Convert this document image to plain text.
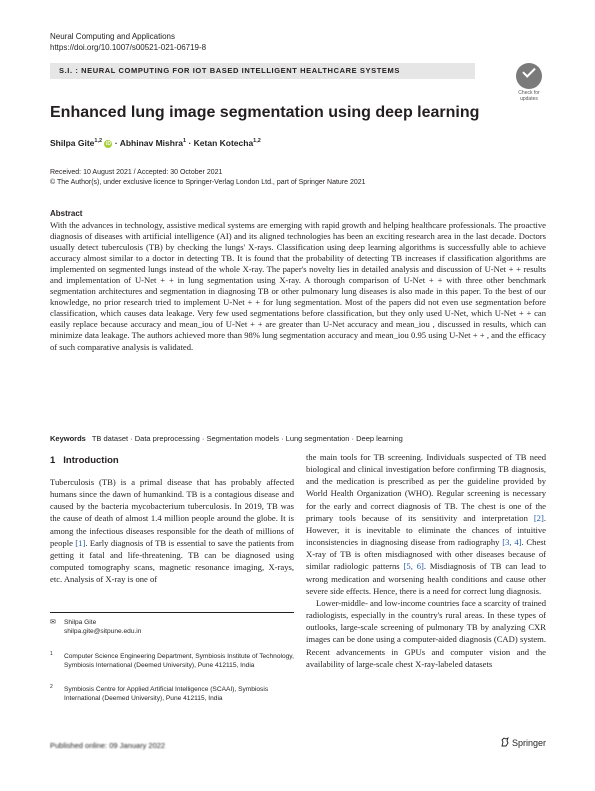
Neural Computing and Applications
https://doi.org/10.1007/s00521-021-06719-8
S.I. : NEURAL COMPUTING FOR IOT BASED INTELLIGENT HEALTHCARE SYSTEMS
Check for
updates
Enhanced lung image segmentation using deep learning
Shilpa Gite$^{1,2}$ iD · Abhinav Mishra$^1$ · Ketan Kotecha$^{1,2}$
Received: 10 August 2021 / Accepted: 30 October 2021
© The Author(s), under exclusive licence to Springer-Verlag London Ltd., part of Springer Nature 2021
Abstract
With the advances in technology, assistive medical systems are emerging with rapid growth and helping healthcare professionals. The proactive diagnosis of diseases with artificial intelligence (AI) and its aligned technologies has been an exciting research area in the last decade. Doctors usually detect tuberculosis (TB) by checking the lungs' X-rays. Classification using deep learning algorithms is successfully able to achieve accuracy almost similar to a doctor in detecting TB. It is found that the probability of detecting TB increases if classification algorithms are implemented on segmented lungs instead of the whole X-ray. The paper's novelty lies in detailed analysis and discussion of U-Net + + results and implementation of U-Net + + in lung segmentation using X-ray. A thorough comparison of U-Net + + with three other benchmark segmentation architectures and segmentation in diagnosing TB or other pulmonary lung diseases is also made in this paper. To the best of our knowledge, no prior research tried to implement U-Net + + for lung segmentation. Most of the papers did not even use segmentation before classification, which causes data leakage. Very few used segmentations before classification, but they only used U-Net, which U-Net + + can easily replace because accuracy and mean_iou of U-Net + + are greater than U-Net accuracy and mean_iou , discussed in results, which can minimize data leakage. The authors achieved more than 98% lung segmentation accuracy and mean_iou 0.95 using U-Net + + , and the efficacy of such comparative analysis is validated.
Keywords TB dataset · Data preprocessing · Segmentation models · Lung segmentation · Deep learning
1 Introduction

Tuberculosis (TB) is a primal disease that has probably affected humans since the dawn of humankind. TB is a contagious disease and caused by the bacteria mycobacterium tuberculosis. In 2019, TB was the cause of death of almost 1.4 million people around the globe. It is among the infectious diseases responsible for the death of millions of people [1]. Early diagnosis of TB is essential to save the patients from getting it fatal and life-threatening. TB can be diagnosed using computed tomography scans, magnetic resonance imaging, X-rays, etc. Analysis of X-ray is one of

the main tools for TB screening. Individuals suspected of TB need biological and clinical investigation before confirming TB diagnosis, and the medication is prescribed as per the guideline provided by World Health Organization (WHO). Regular screening is necessary for the early and correct diagnosis of TB. The chest is one of the primary tools because of its sensitivity and interpretation [2]. However, it is inevitable to eliminate the chances of intuitive inconsistencies in diagnosing disease from radiography [3, 4]. Chest X-ray of TB is often misdiagnosed with other diseases because of similar radiologic patterns [5, 6]. Misdiagnosis of TB can lead to wrong medication and worsening health conditions and cause other severe side effects. Hence, there is a need for correct lung diagnosis.

Lower-middle- and low-income countries face a scarcity of trained radiologists, especially in the country's rural areas. In these types of outlooks, large-scale screening of pulmonary TB by analyzing CXR images can be done using a computer-aided diagnosis (CAD) system. Recent advancements in GPUs and computer vision and the availability of large-scale chest X-ray-labeled datasets

✉ Shilpa Gite
shilpa.gite@sitpune.edu.in
1 Computer Science Engineering Department, Symbiosis Institute of Technology, Symbiosis International (Deemed University), Pune 412115, India
2 Symbiosis Centre for Applied Artificial Intelligence (SCAAI), Symbiosis International (Deemed University), Pune 412115, India
Published online: 09 January 2022	Springer
